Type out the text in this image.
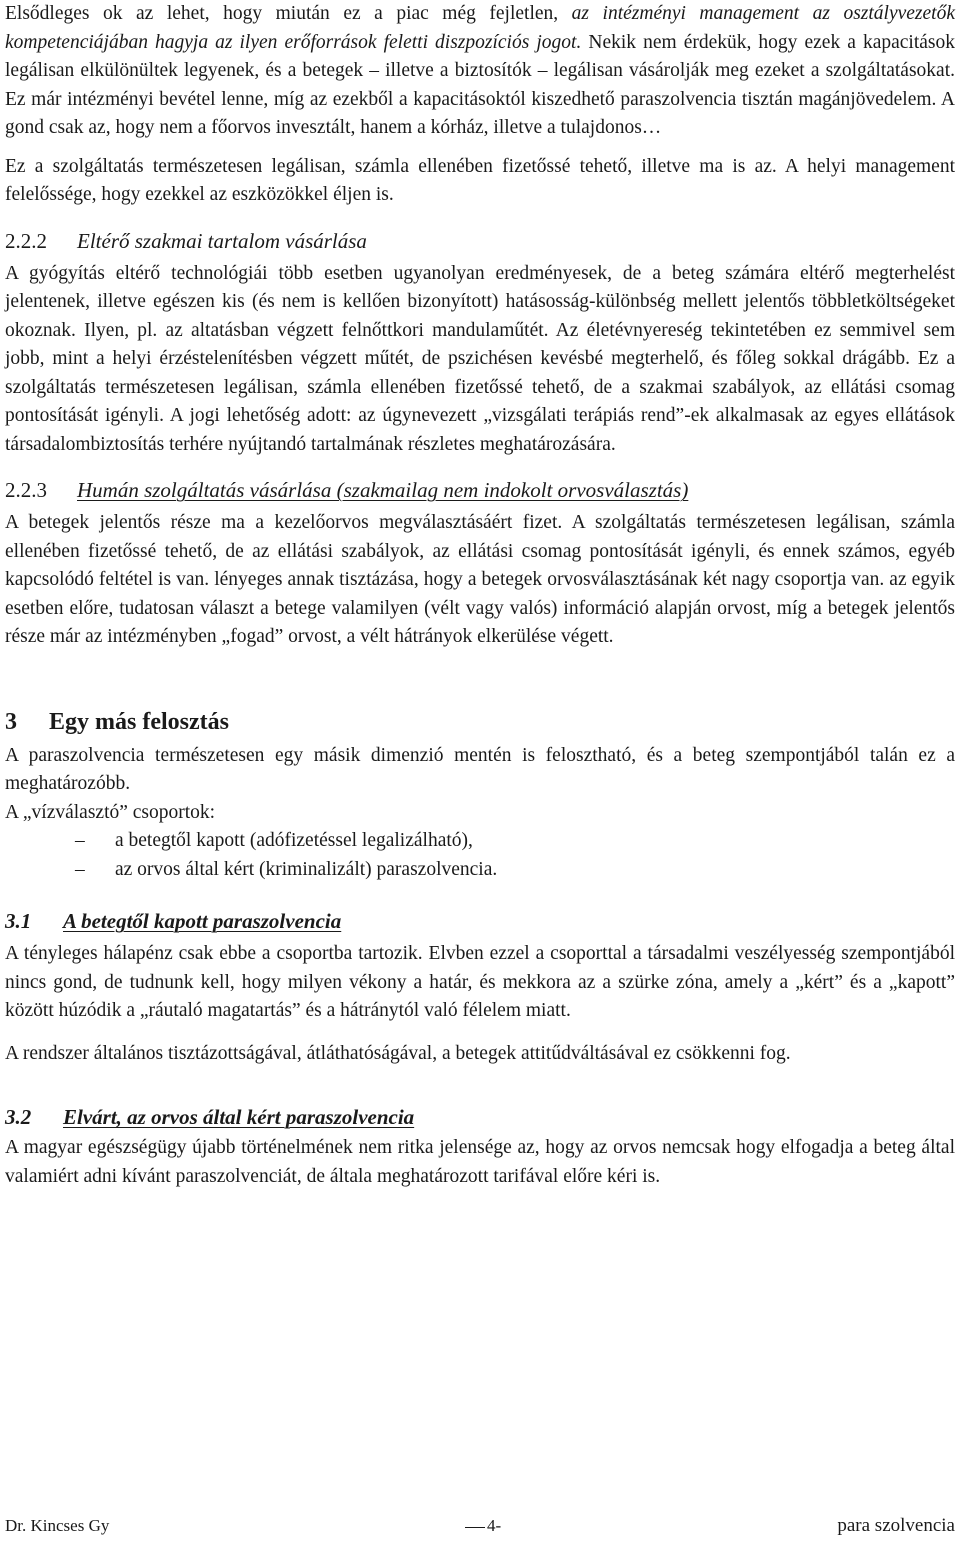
Elsődleges ok az lehet, hogy miután ez a piac még fejletlen, az intézményi management az osztályvezetők kompetenciájában hagyja az ilyen erőforrások feletti diszpozíciós jogot. Nekik nem érdekük, hogy ezek a kapacitások legálisan elkülönültek legyenek, és a betegek – illetve a biztosítók – legálisan vásárolják meg ezeket a szolgáltatásokat. Ez már intézményi bevétel lenne, míg az ezekből a kapacitásoktól kiszedhető paraszolvencia tisztán magánjövedelem. A gond csak az, hogy nem a főorvos invesztált, hanem a kórház, illetve a tulajdonos…

Ez a szolgáltatás természetesen legálisan, számla ellenében fizetőssé tehető, illetve ma is az. A helyi management felelőssége, hogy ezekkel az eszközökkel éljen is.

2.2.2 Eltérő szakmai tartalom vásárlása

A gyógyítás eltérő technológiái több esetben ugyanolyan eredményesek, de a beteg számára eltérő megterhelést jelentenek, illetve egészen kis (és nem is kellően bizonyított) hatásosság-különbség mellett jelentős többletköltségeket okoznak. Ilyen, pl. az altatásban végzett felnőttkori mandulaműtét. Az életévnyereség tekintetében ez semmivel sem jobb, mint a helyi érzéstelenítésben végzett műtét, de pszichésen kevésbé megterhelő, és főleg sokkal drágább. Ez a szolgáltatás természetesen legálisan, számla ellenében fizetőssé tehető, de a szakmai szabályok, az ellátási csomag pontosítását igényli. A jogi lehetőség adott: az úgynevezett „vizsgálati terápiás rend”-ek alkalmasak az egyes ellátások társadalombiztosítás terhére nyújtandó tartalmának részletes meghatározására.

2.2.3 Humán szolgáltatás vásárlása (szakmailag nem indokolt orvosválasztás)

A betegek jelentős része ma a kezelőorvos megválasztásáért fizet. A szolgáltatás természetesen legálisan, számla ellenében fizetőssé tehető, de az ellátási szabályok, az ellátási csomag pontosítását igényli, és ennek számos, egyéb kapcsolódó feltétel is van. lényeges annak tisztázása, hogy a betegek orvosválasztásának két nagy csoportja van. az egyik esetben előre, tudatosan választ a betege valamilyen (vélt vagy valós) információ alapján orvost, míg a betegek jelentős része már az intézményben „fogad” orvost, a vélt hátrányok elkerülése végett.

3 Egy más felosztás

A paraszolvencia természetesen egy másik dimenzió mentén is felosztható, és a beteg szempontjából talán ez a meghatározóbb.

A „vízválasztó” csoportok:

– a betegtől kapott (adófizetéssel legalizálható),
– az orvos által kért (kriminalizált) paraszolvencia.
3.1 A betegtől kapott paraszolvencia

A tényleges hálapénz csak ebbe a csoportba tartozik. Elvben ezzel a csoporttal a társadalmi veszélyesség szempontjából nincs gond, de tudnunk kell, hogy milyen vékony a határ, és mekkora az a szürke zóna, amely a „kért” és a „kapott” között húzódik a „ráutaló magatartás” és a hátránytól való félelem miatt.

A rendszer általános tisztázottságával, átláthatóságával, a betegek attitűdváltásával ez csökkenni fog.

3.2 Elvárt, az orvos által kért paraszolvencia

A magyar egészségügy újabb történelmének nem ritka jelensége az, hogy az orvos nemcsak hogy elfogadja a beteg által valamiért adni kívánt paraszolvenciát, de általa meghatározott tarifával előre kéri is.

Dr. Kincses Gy	4-	para szolvencia
